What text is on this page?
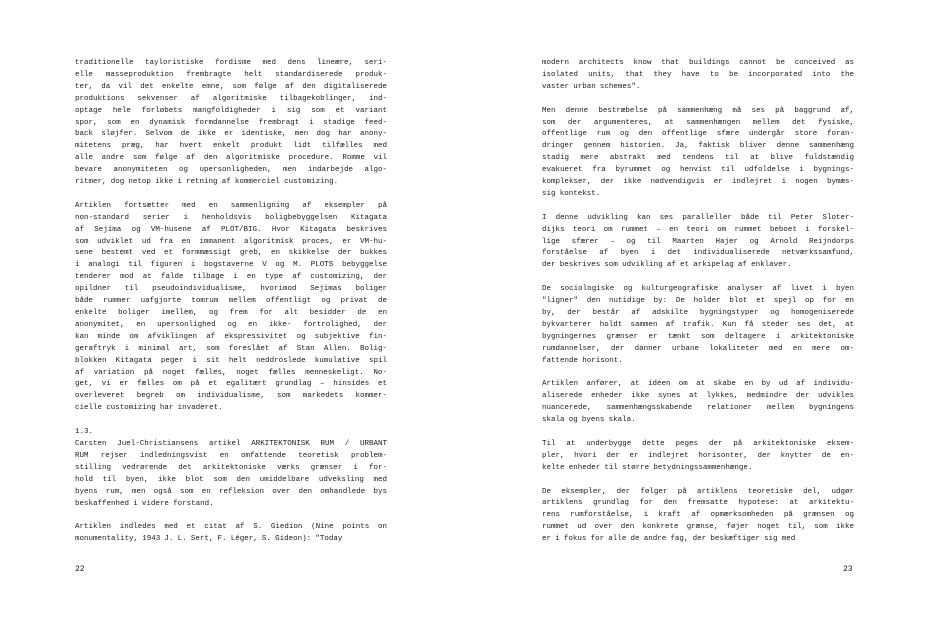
traditionelle tayloristiske fordisme med dens lineære, seri-
elle masseproduktion frembragte helt standardiserede produk-
ter, da vil det enkelte emne, som følge af den digitaliserede
produktions sekvenser af algoritmiske tilbagekoblinger, ind-
optage hele forløbets mangfoldigheder i sig som et variant
spor, som en dynamisk formdannelse frembragt i stadige feed-
back sløjfer. Selvom de ikke er identiske, men dog har anony-
mitetens præg, har hvert enkelt produkt lidt tilfælles med
alle andre som følge af den algoritmiske procedure. Romme vil
bevare anonymiteten og upersonligheden, men indarbejde algo-
ritmer, dog netop ikke i retning af kommerciel customizing.
Artiklen fortsætter med en sammenligning af eksempler på
non-standard serier i henholdsvis boligbebyggelsen Kitagata
af Sejima og VM-husene af PLOT/BIG. Hvor Kitagata beskrives
som udviklet ud fra en immanent algoritmisk proces, er VM-hu-
sene bestemt ved et formmæssigt greb, en skikkelse der bukkes
i analogi til figuren i bogstaverne V og M. PLOTS bebyggelse
tenderer mod at falde tilbage i en type af customizing, der
opildner til pseudoindividualisme, hvorimod Sejimas boliger
både rummer uafgjorte tomrum mellem offentligt og privat de
enkelte boliger imellem, og frem for alt besidder de en
anonymitet, en upersonlighed og en ikke- fortrolighed, der
kan minde om afviklingen af ekspressivitet og subjektive fin-
geraftryk i minimal art, som foreslået af Stan Allen. Bolig-
blokken Kitagata peger i sit helt neddroslede kumulative spil
af variation på noget fælles, noget fælles menneskeligt. No-
get, vi er fælles om på et egalitært grundlag – hinsides et
overleveret begreb om individualisme, som markedets kommer-
cielle customizing har invaderet.
1.3.
Carsten Juel-Christiansens artikel ARKITEKTONISK RUM / URBANT
RUM rejser indledningsvist en omfattende teoretisk problem-
stilling vedrørende det arkitektoniske værks grænser i for-
hold til byen, ikke blot som den umiddelbare udveksling med
byens rum, men også som en refleksion over den omhandlede bys
beskaffenhed i videre forstand.
Artiklen indledes med et citat af S. Giedion (Nine points on
monumentality, 1943 J. L. Sert, F. Léger, S. Gideon): "Today
modern architects know that buildings cannot be conceived as
isolated units, that they have to be incorporated into the
vaster urban schemes".
Men denne bestræbelse på sammenhæng må ses på baggrund af,
som der argumenteres, at sammenhængen mellem det fysiske,
offentlige rum og den offentlige sfære undergår store foran-
dringer gennem historien. Ja, faktisk bliver denne sammenhæng
stadig mere abstrakt med tendens til at blive fuldstændig
evakueret fra byrummet og henvist til udfoldelse i bygnings-
komplekser, der ikke nødvendigvis er indlejret i nogen bymæs-
sig kontekst.
I denne udvikling kan ses paralleller både til Peter Sloter-
dijks teori om rummet – en teori om rummet beboet i forskel-
lige sfærer – og til Maarten Hajer og Arnold Reijndorps
forståelse af byen i det individualiserede netværkssamfund,
der beskrives som udvikling af et arkipelag af enklaver.
De sociologiske og kulturgeografiske analyser af livet i byen
"ligner" den nutidige by: De holder blot et spejl op for en
by, der består af adskilte bygningstyper og homogeniserede
bykvarterer holdt sammen af trafik. Kun få steder ses det, at
bygningernes grænser er tænkt som deltagere i arkitektoniske
rumdannelser, der danner urbane lokaliteter med en mere om-
fattende horisont.
Artiklen anfører, at idéen om at skabe en by ud af individu-
aliserede enheder ikke synes at lykkes, medmindre der udvikles
nuancerede, sammenhængsskabende relationer mellem bygningens
skala og byens skala.
Til at underbygge dette peges der på arkitektoniske eksem-
pler, hvori der er indlejret horisonter, der knytter de en-
kelte enheder til større betydningssammenhænge.
De eksempler, der følger på artiklens teoretiske del, udgør
artiklens grundlag for den fremsatte hypotese: at arkitektu-
rens rumforståelse, i kraft af opmærksomheden på grænsen og
rummet ud over den konkrete grænse, føjer noget til, som ikke
er i fokus for alle de andre fag, der beskæftiger sig med
22	23
